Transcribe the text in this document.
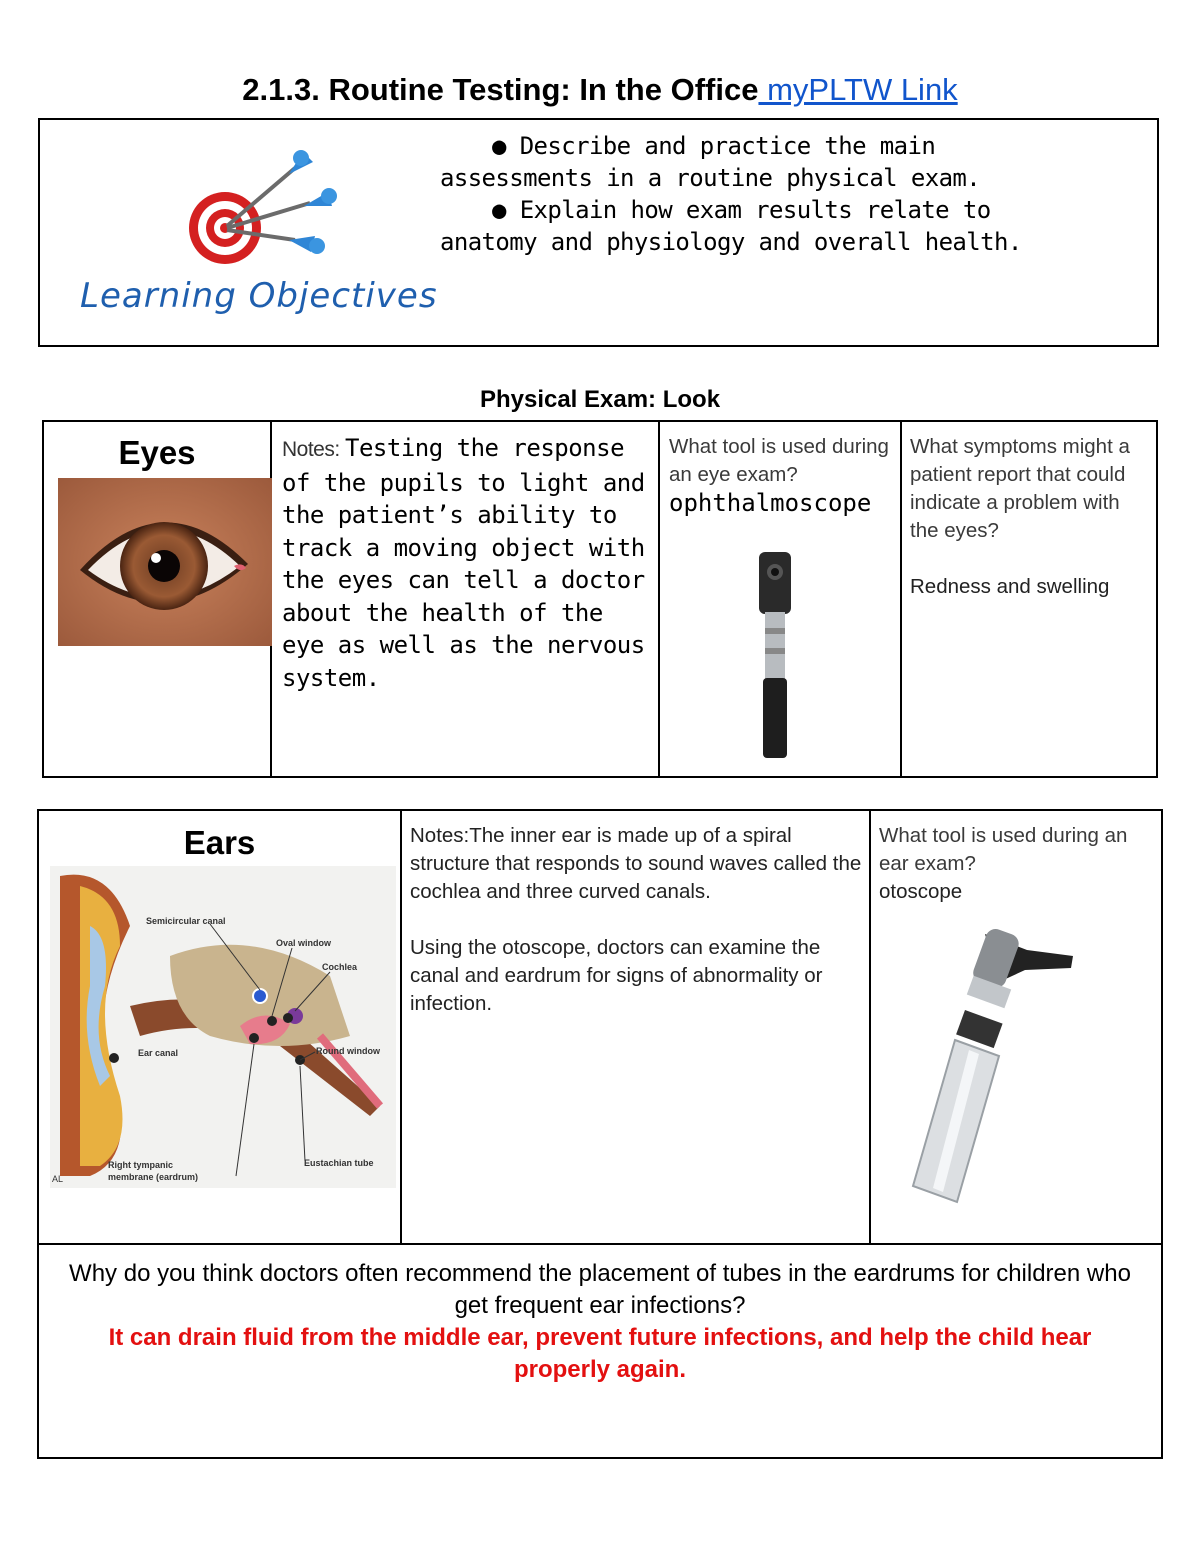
2.1.3. Routine Testing: In the Office myPLTW Link
Learning Objectives
● Describe and practice the main
assessments in a routine physical exam.
● Explain how exam results relate to
anatomy and physiology and overall health.
Physical Exam: Look
Eyes	Notes: Testing the response of the pupils to light and the patient’s ability to track a moving object with the eyes can tell a doctor about the health of the eye as well as the nervous system.
What tool is used during an eye exam?
ophthalmoscope
What symptoms might a patient report that could indicate a problem with the eyes?

Redness and swelling
Ears
Semicircular canal
Oval window
Cochlea
Round window
Ear canal
Eustachian tube
Right tympanic
membrane (eardrum)
AL
Notes:The inner ear is made up of a spiral structure that responds to sound waves called the cochlea and three curved canals.

Using the otoscope, doctors can examine the canal and eardrum for signs of abnormality or infection.
What tool is used during an ear exam?
otoscope
Why do you think doctors often recommend the placement of tubes in the eardrums for children who get frequent ear infections?
It can drain fluid from the middle ear, prevent future infections, and help the child hear properly again.
